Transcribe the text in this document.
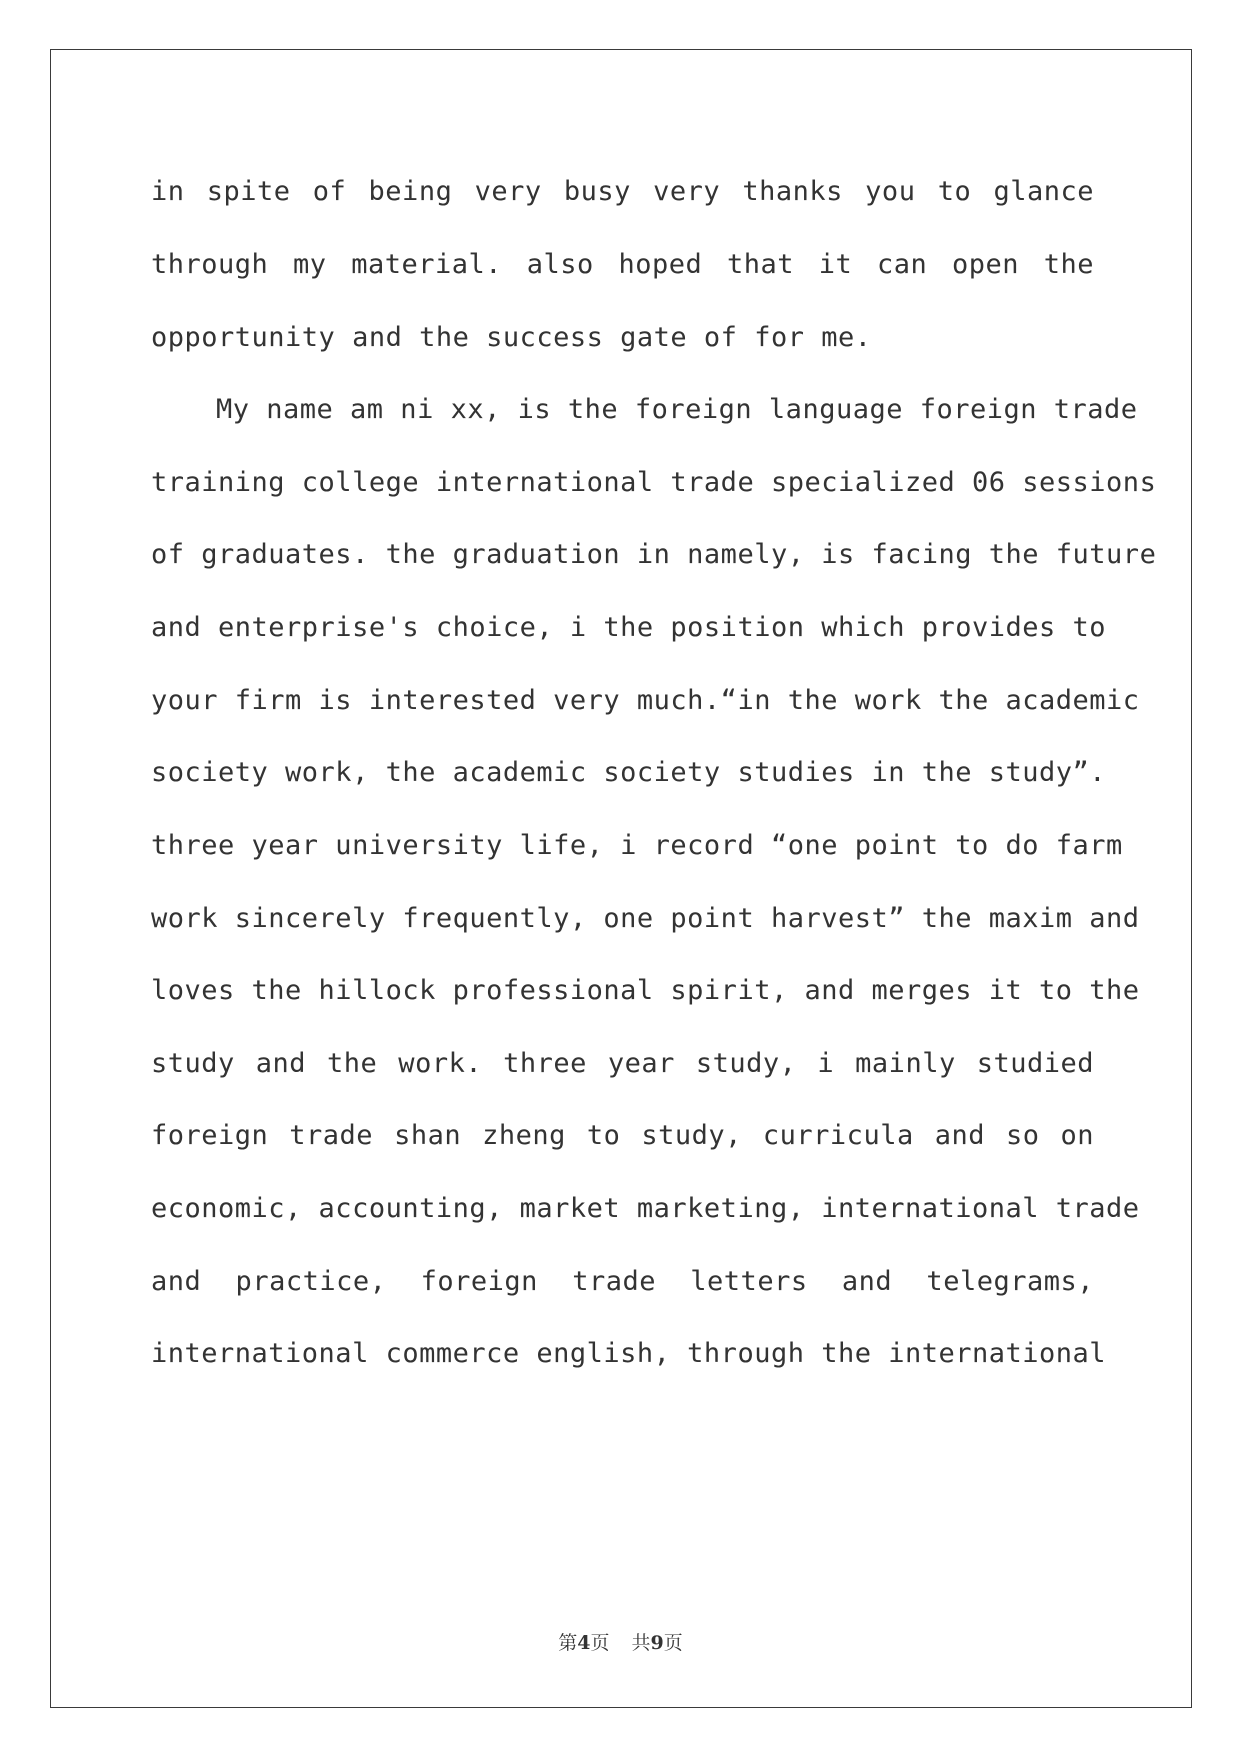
in spite of being very busy very thanks you to glance
through my material. also hoped that it can open the
opportunity and the success gate of for me.
My name am ni xx, is the foreign language foreign trade
training college international trade specialized 06 sessions
of graduates. the graduation in namely, is facing the future
and enterprise's choice, i the position which provides to
your firm is interested very much.“in the work the academic
society work, the academic society studies in the study”.
three year university life, i record “one point to do farm
work sincerely frequently, one point harvest” the maxim and
loves the hillock professional spirit, and merges it to the
study and the work. three year study, i mainly studied
foreign trade shan zheng to study, curricula and so on
economic, accounting, market marketing, international trade
and practice, foreign trade letters and telegrams,
international commerce english, through the international
第4页 共9页
